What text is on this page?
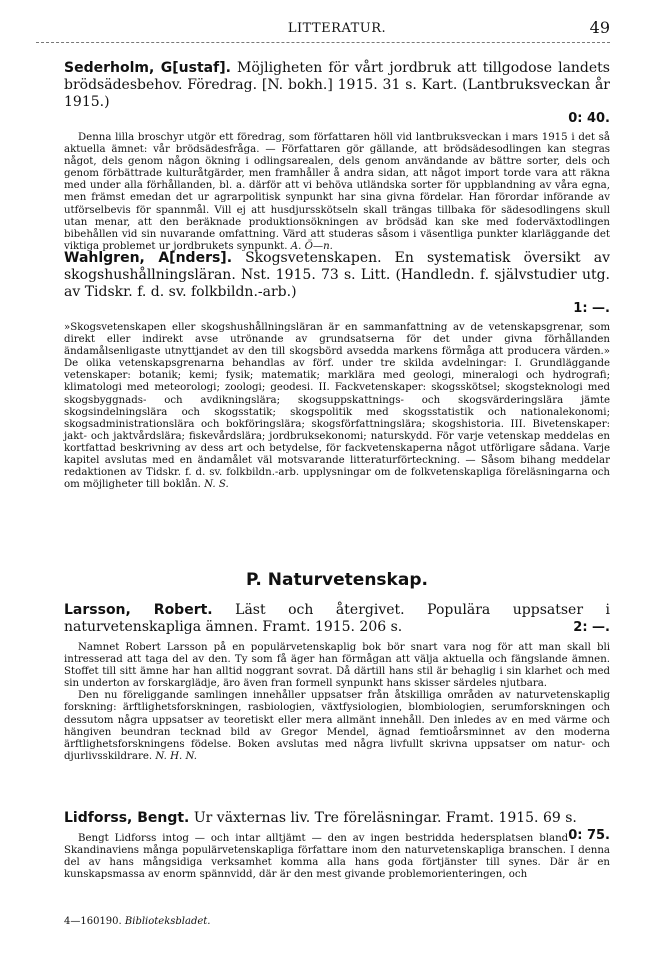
LITTERATUR.	49
Sederholm, G[ustaf]. Möjligheten för vårt jordbruk att tillgodose landets brödsädesbehov. Föredrag. [N. bokh.] 1915. 31 s. Kart. (Lantbruksveckan år 1915.)
0: 40.

Denna lilla broschyr utgör ett föredrag, som författaren höll vid lantbruksveckan i mars 1915 i det så aktuella ämnet: vår brödsädesfråga. — Författaren gör gällande, att brödsädesodlingen kan stegras något, dels genom någon ökning i odlingsarealen, dels genom användande av bättre sorter, dels och genom förbättrade kulturåtgärder, men framhåller å andra sidan, att något import torde vara att räkna med under alla förhållanden, bl. a. därför att vi behöva utländska sorter för uppblandning av våra egna, men främst emedan det ur agrarpolitisk synpunkt har sina givna fördelar. Han förordar införande av utförselbevis för spannmål. Vill ej att husdjursskötseln skall trängas tillbaka för sädesodlingens skull utan menar, att den beräknade produktionsökningen av brödsäd kan ske med foderväxtodlingen bibehållen vid sin nuvarande omfattning. Värd att studeras såsom i väsentliga punkter klarläggande det viktiga problemet ur jordbrukets synpunkt. A. Ö—n.

Wahlgren, A[nders]. Skogsvetenskapen. En systematisk översikt av skogshushållningsläran. Nst. 1915. 73 s. Litt. (Handledn. f. självstudier utg. av Tidskr. f. d. sv. folkbildn.-arb.)
1: —.

»Skogsvetenskapen eller skogshushållningsläran är en sammanfattning av de vetenskapsgrenar, som direkt eller indirekt avse utrönande av grundsatserna för det under givna förhållanden ändamålsenligaste utnyttjandet av den till skogsbörd avsedda markens förmåga att producera värden.» De olika vetenskapsgrenarna behandlas av förf. under tre skilda avdelningar: I. Grundläggande vetenskaper: botanik; kemi; fysik; matematik; marklära med geologi, mineralogi och hydrografi; klimatologi med meteorologi; zoologi; geodesi. II. Fackvetenskaper: skogsskötsel; skogsteknologi med skogsbyggnads- och avdikningslära; skogsuppskattnings- och skogsvärderingslära jämte skogsindelningslära och skogsstatik; skogspolitik med skogsstatistik och nationalekonomi; skogsadministrationslära och bokföringslära; skogsförfattningslära; skogshistoria. III. Bivetenskaper: jakt- och jaktvårdslära; fiskevårdslära; jordbruksekonomi; naturskydd. För varje vetenskap meddelas en kortfattad beskrivning av dess art och betydelse, för fackvetenskaperna något utförligare sådana. Varje kapitel avslutas med en ändamålet väl motsvarande litteraturförteckning. — Såsom bihang meddelar redaktionen av Tidskr. f. d. sv. folkbildn.-arb. upplysningar om de folkvetenskapliga föreläsningarna och om möjligheter till boklån. N. S.

P. Naturvetenskap.
Larsson, Robert. Läst och återgivet. Populära uppsatser i naturvetenskapliga ämnen. Framt. 1915. 206 s.	2: —.

Namnet Robert Larsson på en populärvetenskaplig bok bör snart vara nog för att man skall bli intresserad att taga del av den. Ty som få äger han förmågan att välja aktuella och fängslande ämnen. Stoffet till sitt ämne har han alltid noggrant sovrat. Då därtill hans stil är behaglig i sin klarhet och med sin underton av forskarglädje, äro även fran formell synpunkt hans skisser särdeles njutbara.

Den nu föreliggande samlingen innehåller uppsatser från åtskilliga områden av naturvetenskaplig forskning: ärftlighetsforskningen, rasbiologien, växtfysiologien, blombiologien, serumforskningen och dessutom några uppsatser av teoretiskt eller mera allmänt innehåll. Den inledes av en med värme och hängiven beundran tecknad bild av Gregor Mendel, ägnad femtioårsminnet av den moderna ärftlighetsforskningens födelse. Boken avslutas med några livfullt skrivna uppsatser om natur- och djurlivsskildrare. N. H. N.

Lidforss, Bengt. Ur växternas liv. Tre föreläsningar. Framt. 1915. 69 s.
0: 75.

Bengt Lidforss intog — och intar alltjämt — den av ingen bestridda hedersplatsen bland Skandinaviens många populärvetenskapliga författare inom den naturvetenskapliga branschen. I denna del av hans mångsidiga verksamhet komma alla hans goda förtjänster till synes. Där är en kunskapsmassa av enorm spännvidd, där är den mest givande problemorienteringen, och

4—160190. Biblioteksbladet.
